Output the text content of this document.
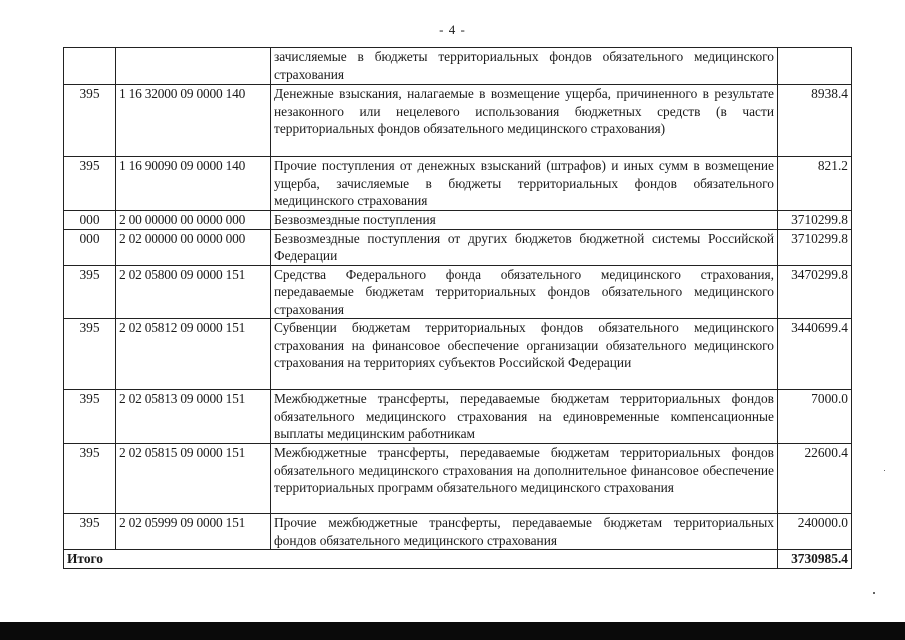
- 4 -
		зачисляемые в бюджеты территориальных фондов обязательного медицинского страхования	
395	1 16 32000 09 0000 140	Денежные взыскания, налагаемые в возмещение ущерба, причиненного в результате незаконного или нецелевого использования бюджетных средств (в части территориальных фондов обязательного медицинского страхования)	8938.4
395	1 16 90090 09 0000 140	Прочие поступления от денежных взысканий (штрафов) и иных сумм в возмещение ущерба, зачисляемые в бюджеты территориальных фондов обязательного медицинского страхования	821.2
000	2 00 00000 00 0000 000	Безвозмездные поступления	3710299.8
000	2 02 00000 00 0000 000	Безвозмездные поступления от других бюджетов бюджетной системы Российской Федерации	3710299.8
395	2 02 05800 09 0000 151	Средства Федерального фонда обязательного медицинского страхования, передаваемые бюджетам территориальных фондов обязательного медицинского страхования	3470299.8
395	2 02 05812 09 0000 151	Субвенции бюджетам территориальных фондов обязательного медицинского страхования на финансовое обеспечение организации обязательного медицинского страхования на территориях субъектов Российской Федерации	3440699.4
395	2 02 05813 09 0000 151	Межбюджетные трансферты, передаваемые бюджетам территориальных фондов обязательного медицинского страхования на единовременные компенсационные выплаты медицинским работникам	7000.0
395	2 02 05815 09 0000 151	Межбюджетные трансферты, передаваемые бюджетам территориальных фондов обязательного медицинского страхования на дополнительное финансовое обеспечение территориальных программ обязательного медицинского страхования	22600.4
395	2 02 05999 09 0000 151	Прочие межбюджетные трансферты, передаваемые бюджетам территориальных фондов обязательного медицинского страхования	240000.0
Итого			3730985.4
